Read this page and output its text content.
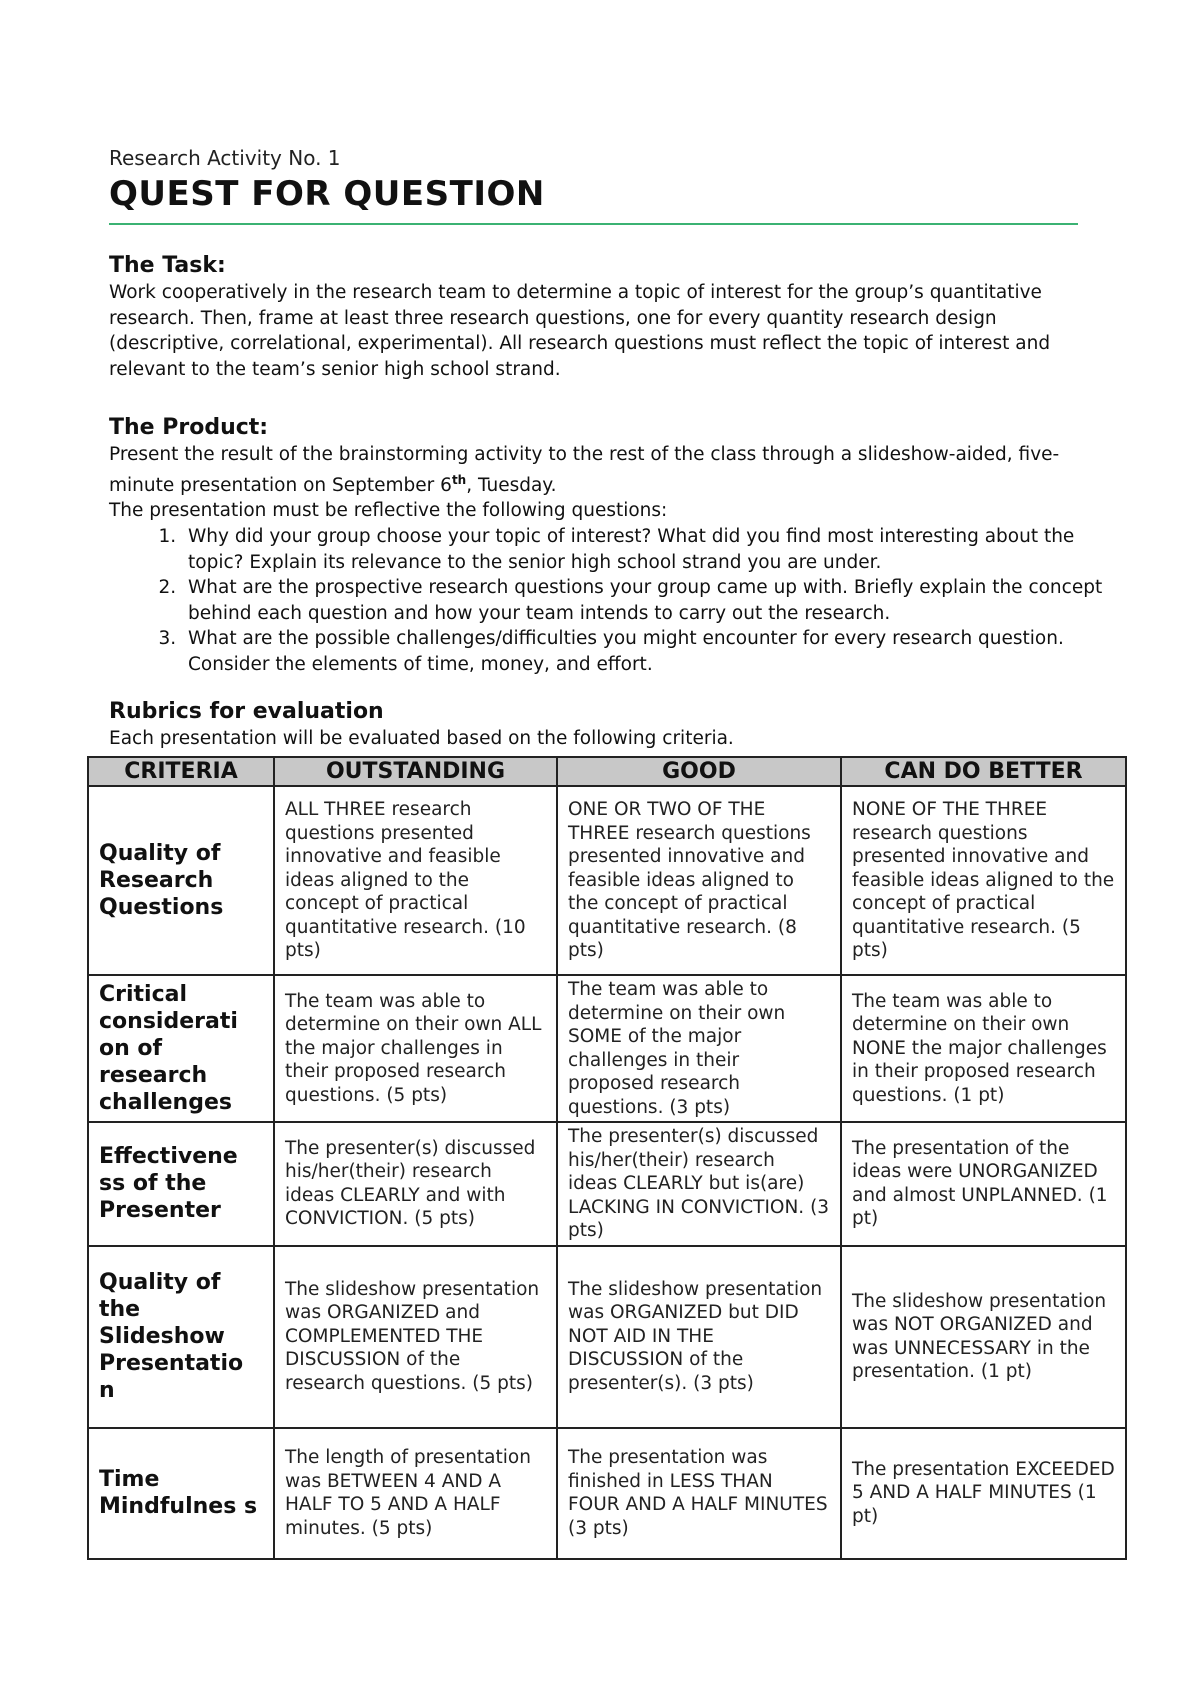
Research Activity No. 1
QUEST FOR QUESTION
The Task:

Work cooperatively in the research team to determine a topic of interest for the group’s quantitative research. Then, frame at least three research questions, one for every quantity research design (descriptive, correlational, experimental). All research questions must reflect the topic of interest and relevant to the team’s senior high school strand.

The Product:

Present the result of the brainstorming activity to the rest of the class through a slideshow-aided, five-minute presentation on September 6th, Tuesday.

The presentation must be reflective the following questions:

1. Why did your group choose your topic of interest? What did you find most interesting about the topic? Explain its relevance to the senior high school strand you are under.
2. What are the prospective research questions your group came up with. Briefly explain the concept behind each question and how your team intends to carry out the research.
3. What are the possible challenges/difficulties you might encounter for every research question. Consider the elements of time, money, and effort.
Rubrics for evaluation

Each presentation will be evaluated based on the following criteria.

CRITERIA	OUTSTANDING	GOOD	CAN DO BETTER
Quality of Research Questions	ALL THREE research questions presented innovative and feasible ideas aligned to the concept of practical quantitative research. (10 pts)	ONE OR TWO OF THE THREE research questions presented innovative and feasible ideas aligned to the concept of practical quantitative research. (8 pts)	NONE OF THE THREE research questions presented innovative and feasible ideas aligned to the concept of practical quantitative research. (5 pts)
Critical considerati on of research challenges	The team was able to determine on their own ALL the major challenges in their proposed research questions. (5 pts)	The team was able to determine on their own SOME of the major challenges in their proposed research questions. (3 pts)	The team was able to determine on their own NONE the major challenges in their proposed research questions. (1 pt)
Effectivene ss of the Presenter	The presenter(s) discussed his/her(their) research ideas CLEARLY and with CONVICTION. (5 pts)	The presenter(s) discussed his/her(their) research ideas CLEARLY but is(are) LACKING IN CONVICTION. (3 pts)	The presentation of the ideas were UNORGANIZED and almost UNPLANNED. (1 pt)
Quality of the Slideshow Presentatio n	The slideshow presentation was ORGANIZED and COMPLEMENTED THE DISCUSSION of the research questions. (5 pts)	The slideshow presentation was ORGANIZED but DID NOT AID IN THE DISCUSSION of the presenter(s). (3 pts)	The slideshow presentation was NOT ORGANIZED and was UNNECESSARY in the presentation. (1 pt)
Time Mindfulnes s	The length of presentation was BETWEEN 4 AND A HALF TO 5 AND A HALF minutes. (5 pts)	The presentation was finished in LESS THAN FOUR AND A HALF MINUTES (3 pts)	The presentation EXCEEDED 5 AND A HALF MINUTES (1 pt)
